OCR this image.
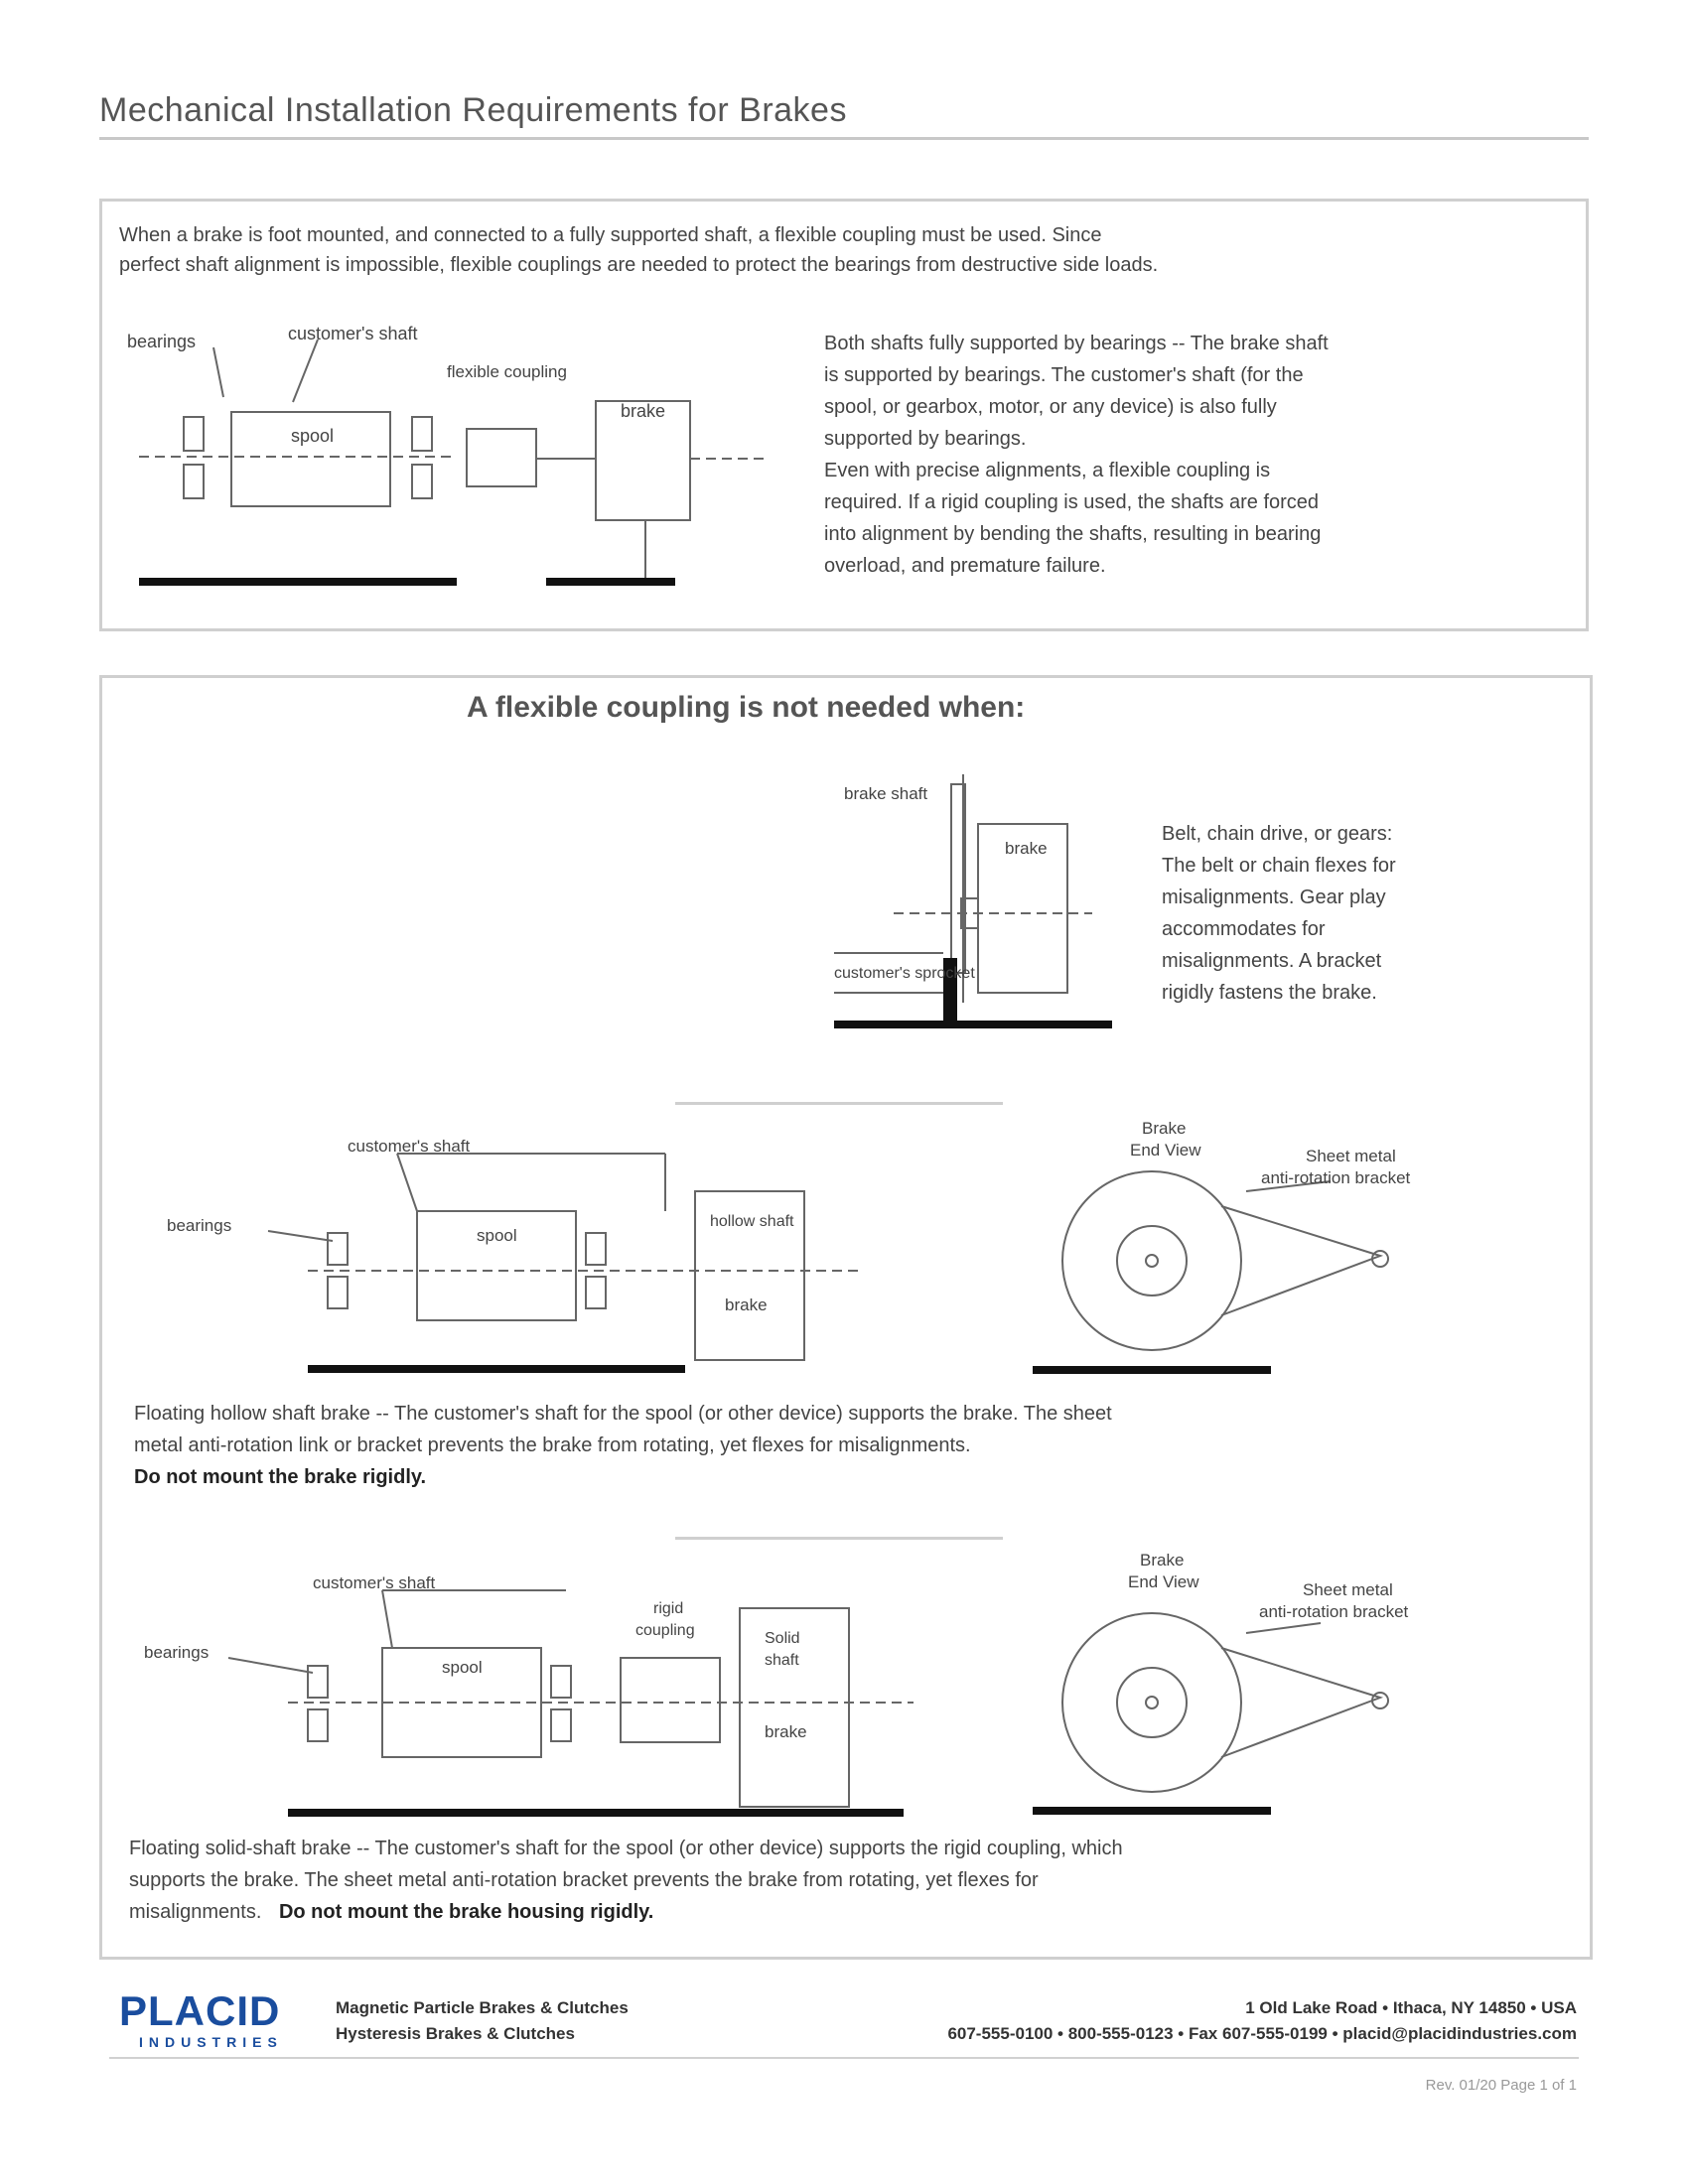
Mechanical Installation Requirements for Brakes
When a brake is foot mounted, and connected to a fully supported shaft, a flexible coupling must be used. Since
perfect shaft alignment is impossible, flexible couplings are needed to protect the bearings from destructive side loads.
bearings	customer's shaft
flexible coupling
spool
brake
Both shafts fully supported by bearings -- The brake shaft
is supported by bearings. The customer's shaft (for the
spool, or gearbox, motor, or any device) is also fully
supported by bearings.
Even with precise alignments, a flexible coupling is
required. If a rigid coupling is used, the shafts are forced
into alignment by bending the shafts, resulting in bearing
overload, and premature failure.
A flexible coupling is not needed when:
brake shaft
brake
customer's sprocket
Belt, chain drive, or gears:
The belt or chain flexes for
misalignments. Gear play
accommodates for
misalignments. A bracket
rigidly fastens the brake.
customer's shaft
bearings
spool
hollow shaft
brake
Brake
End View	Sheet metal
anti-rotation bracket
Floating hollow shaft brake -- The customer's shaft for the spool (or other device) supports the brake. The sheet
metal anti-rotation link or bracket prevents the brake from rotating, yet flexes for misalignments.
Do not mount the brake rigidly.
customer's shaft
bearings
spool
rigid
coupling	Solid
shaft
brake
Brake
End View	Sheet metal
anti-rotation bracket
Floating solid-shaft brake -- The customer's shaft for the spool (or other device) supports the rigid coupling, which
supports the brake. The sheet metal anti-rotation bracket prevents the brake from rotating, yet flexes for
misalignments. Do not mount the brake housing rigidly.
PLACID
INDUSTRIES
Magnetic Particle Brakes & Clutches
Hysteresis Brakes & Clutches
1 Old Lake Road • Ithaca, NY 14850 • USA
607-555-0100 • 800-555-0123 • Fax 607-555-0199 • placid@placidindustries.com
Rev. 01/20 Page 1 of 1
